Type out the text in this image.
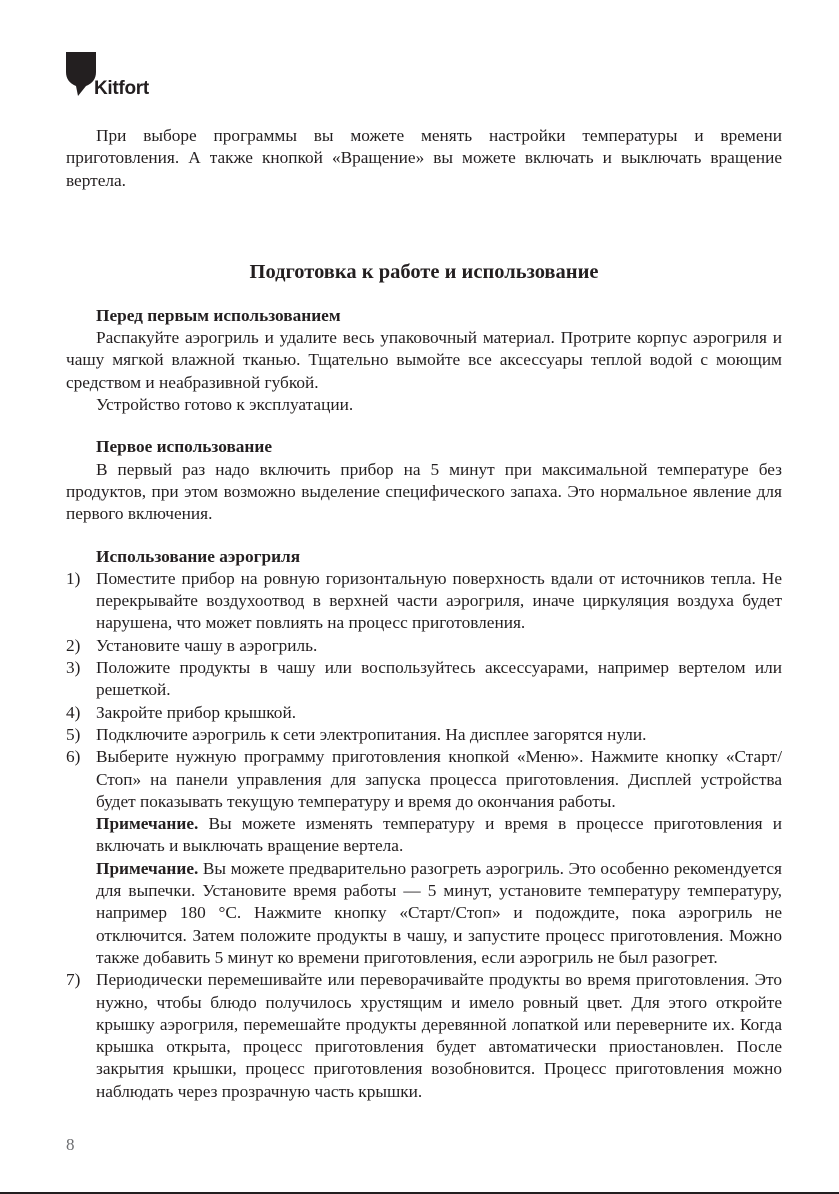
Kitfort

При выборе программы вы можете менять настройки температуры и времени приготовления. А также кнопкой «Вращение» вы можете включать и выключать вращение вертела.

Подготовка к работе и использование
Перед первым использованием

Распакуйте аэрогриль и удалите весь упаковочный материал. Протрите корпус аэрогриля и чашу мягкой влажной тканью. Тщательно вымойте все аксессуары теплой водой с моющим средством и неабразивной губкой.

Устройство готово к эксплуатации.

Первое использование

В первый раз надо включить прибор на 5 минут при максимальной температуре без продуктов, при этом возможно выделение специфического запаха. Это нормальное явление для первого включения.

Использование аэрогриля
1) Поместите прибор на ровную горизонтальную поверхность вдали от источников тепла. Не перекрывайте воздухоотвод в верхней части аэрогриля, иначе циркуляция воздуха будет нарушена, что может повлиять на процесс приготовления.
2) Установите чашу в аэрогриль.
3) Положите продукты в чашу или воспользуйтесь аксессуарами, например вертелом или решеткой.
4) Закройте прибор крышкой.
5) Подключите аэрогриль к сети электропитания. На дисплее загорятся нули.
6) Выберите нужную программу приготовления кнопкой «Меню». Нажмите кнопку «Старт/Стоп» на панели управления для запуска процесса приготовления. Дисплей устройства будет показывать текущую температуру и время до окончания работы.
Примечание. Вы можете изменять температуру и время в процессе приготовления и включать и выключать вращение вертела.
Примечание. Вы можете предварительно разогреть аэрогриль. Это особенно рекомендуется для выпечки. Установите время работы — 5 минут, установите температуру температуру, например 180 °C. Нажмите кнопку «Старт/Стоп» и подождите, пока аэрогриль не отключится. Затем положите продукты в чашу, и запустите процесс приготовления. Можно также добавить 5 минут ко времени приготовления, если аэрогриль не был разогрет.
7) Периодически перемешивайте или переворачивайте продукты во время приготовления. Это нужно, чтобы блюдо получилось хрустящим и имело ровный цвет. Для этого откройте крышку аэрогриля, перемешайте продукты деревянной лопаткой или переверните их. Когда крышка открыта, процесс приготовления будет автоматически приостановлен. После закрытия крышки, процесс приготовления возобновится. Процесс приготовления можно наблюдать через прозрачную часть крышки.
8
